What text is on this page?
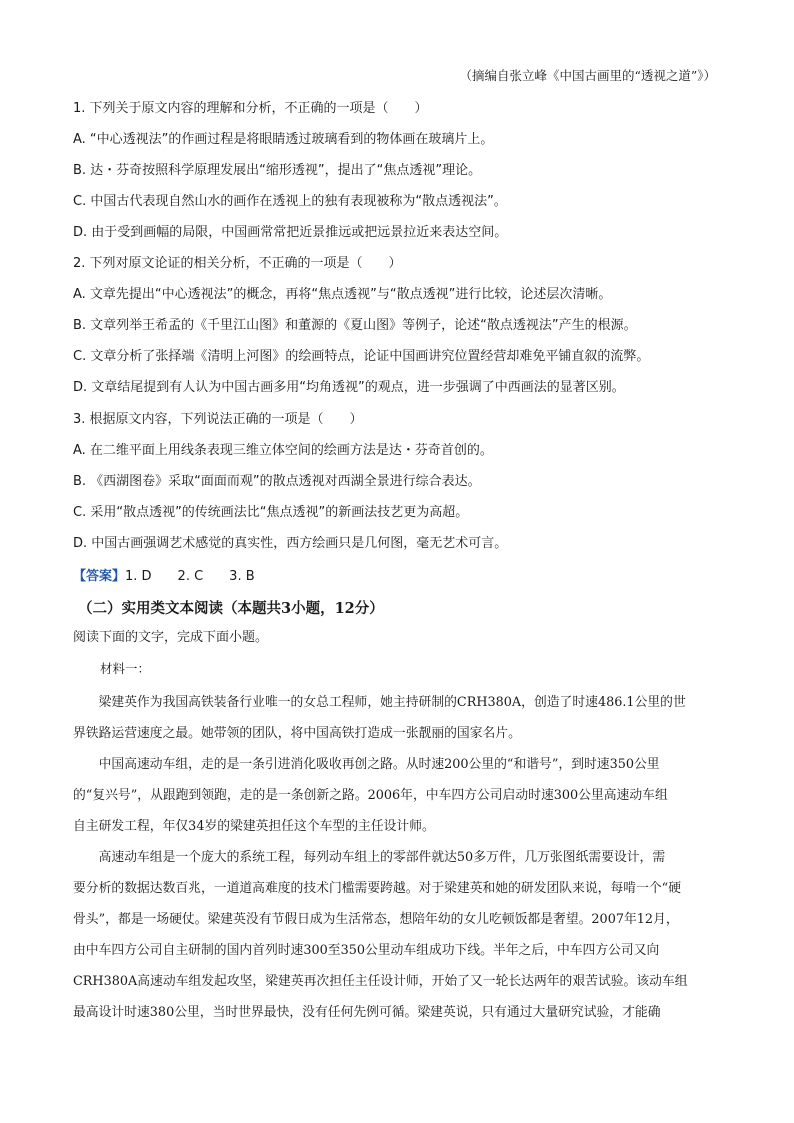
（摘编自张立峰《中国古画里的“透视之道”》）
1. 下列关于原文内容的理解和分析，不正确的一项是（　　）
A. “中心透视法”的作画过程是将眼睛透过玻璃看到的物体画在玻璃片上。
B. 达・芬奇按照科学原理发展出“缩形透视”，提出了“焦点透视”理论。
C. 中国古代表现自然山水的画作在透视上的独有表现被称为“散点透视法”。
D. 由于受到画幅的局限，中国画常常把近景推远或把远景拉近来表达空间。
2. 下列对原文论证的相关分析，不正确的一项是（　　）
A. 文章先提出“中心透视法”的概念，再将“焦点透视”与“散点透视”进行比较，论述层次清晰。
B. 文章列举王希孟的《千里江山图》和董源的《夏山图》等例子，论述“散点透视法”产生的根源。
C. 文章分析了张择端《清明上河图》的绘画特点，论证中国画讲究位置经营却难免平铺直叙的流弊。
D. 文章结尾提到有人认为中国古画多用“均角透视”的观点，进一步强调了中西画法的显著区别。
3. 根据原文内容，下列说法正确的一项是（　　）
A. 在二维平面上用线条表现三维立体空间的绘画方法是达・芬奇首创的。
B. 《西湖图卷》采取“面面而观”的散点透视对西湖全景进行综合表达。
C. 采用“散点透视”的传统画法比“焦点透视”的新画法技艺更为高超。
D. 中国古画强调艺术感觉的真实性，西方绘画只是几何图，毫无艺术可言。
【答案】1. D　　2. C　　3. B
（二）实用类文本阅读（本题共3小题，12分）
阅读下面的文字，完成下面小题。
材料一：
　　梁建英作为我国高铁装备行业唯一的女总工程师，她主持研制的CRH380A，创造了时速486.1公里的世
界铁路运营速度之最。她带领的团队，将中国高铁打造成一张靓丽的国家名片。
　　中国高速动车组，走的是一条引进消化吸收再创之路。从时速200公里的“和谐号”，到时速350公里
的“复兴号”，从跟跑到领跑，走的是一条创新之路。2006年，中车四方公司启动时速300公里高速动车组
自主研发工程，年仅34岁的梁建英担任这个车型的主任设计师。
　　高速动车组是一个庞大的系统工程，每列动车组上的零部件就达50多万件，几万张图纸需要设计，需
要分析的数据达数百兆，一道道高难度的技术门槛需要跨越。对于梁建英和她的研发团队来说，每啃一个“硬
骨头”，都是一场硬仗。梁建英没有节假日成为生活常态，想陪年幼的女儿吃顿饭都是奢望。2007年12月，
由中车四方公司自主研制的国内首列时速300至350公里动车组成功下线。半年之后，中车四方公司又向
CRH380A高速动车组发起攻坚，梁建英再次担任主任设计师，开始了又一轮长达两年的艰苦试验。该动车组
最高设计时速380公里，当时世界最快，没有任何先例可循。梁建英说，只有通过大量研究试验，才能确
